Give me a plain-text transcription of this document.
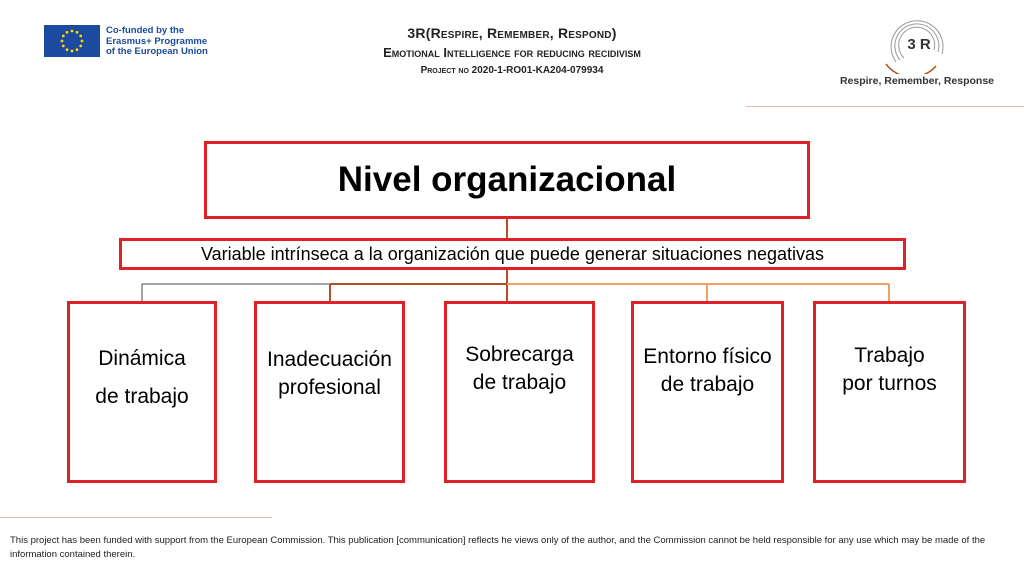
Co-funded by the
Erasmus+ Programme
of the European Union
3R(Respire, Remember, Respond)
Emotional Intelligence for reducing recidivism
Project no 2020-1-RO01-KA204-079934
3 R
Respire, Remember, Response
Nivel organizacional
Variable intrínseca a la organización que puede generar situaciones negativas
Dinámica
de trabajo
Inadecuación
profesional
Sobrecarga
de trabajo
Entorno físico
de trabajo
Trabajo
por turnos
This project has been funded with support from the European Commission. This publication [communication] reflects he views only of the author, and the Commission cannot be held responsible for any use which may be made of the information contained therein.
